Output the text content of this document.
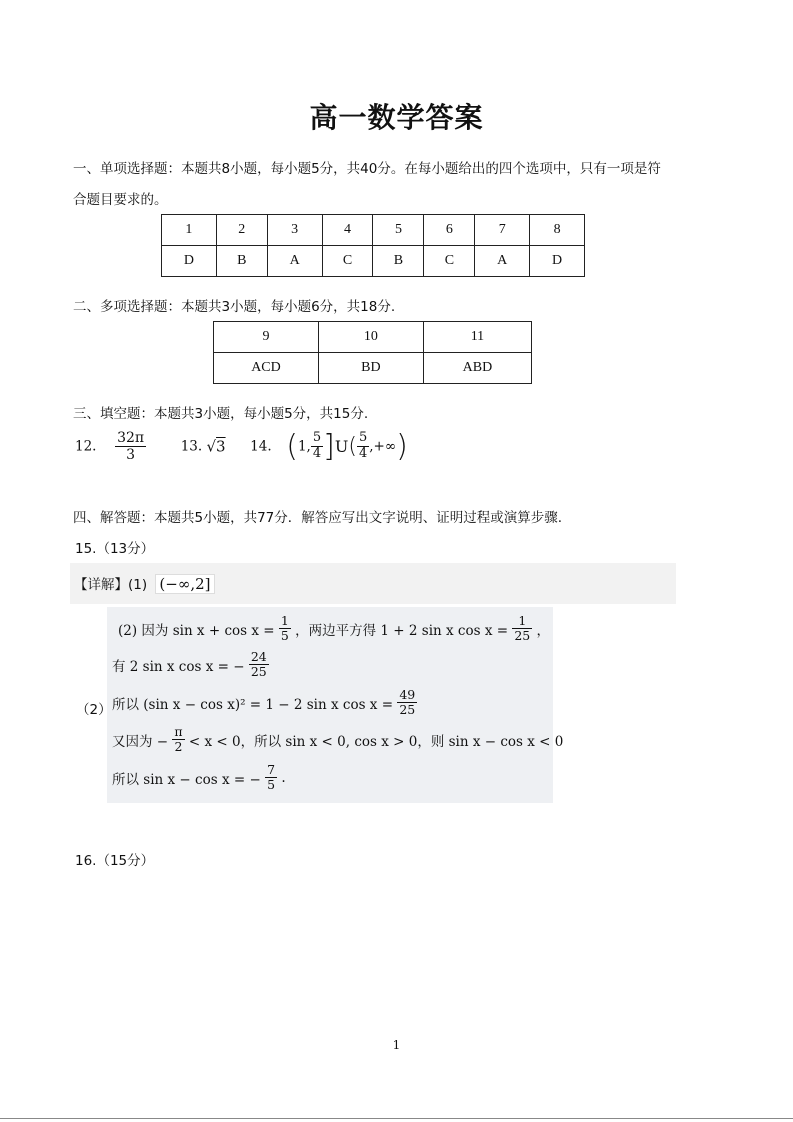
高一数学答案
一、单项选择题：本题共8小题，每小题5分，共40分。在每小题给出的四个选项中，只有一项是符
合题目要求的。
1	2	3	4	5	6	7	8
D	B	A	C	B	C	A	D
二、多项选择题：本题共3小题，每小题6分，共18分.
9	10	11
ACD	BD	ABD
三、填空题：本题共3小题，每小题5分，共15分.
12. $\frac{32\pi}{3}$	13. √3 14. (1, $\frac{5}{4} ]U( \frac{5}{4}$ ,+∞)
四、解答题：本题共5小题，共77分．解答应写出文字说明、证明过程或演算步骤.
15.（13分）
【详解】(1) (−∞,2]
(2) 因为 $\sin x + \cos x = \frac{1}{5}$ ，两边平方得 1 + 2 sin x $\cos x = \frac{1}{25}$ ，
有 2 sin x cos x = − $\frac{24}{25}$
（2） 所以 (sin x − cos x)² = 1 − 2 sin x $\cos x = \frac{49}{25}$
又因为 − $\frac{\pi}{2} < x < 0$，所以 sin x < 0, cos x > 0，则 sin x − cos x < 0
所以 sin x − cos x = − $\frac{7}{5}$ .
16.（15分）
1
